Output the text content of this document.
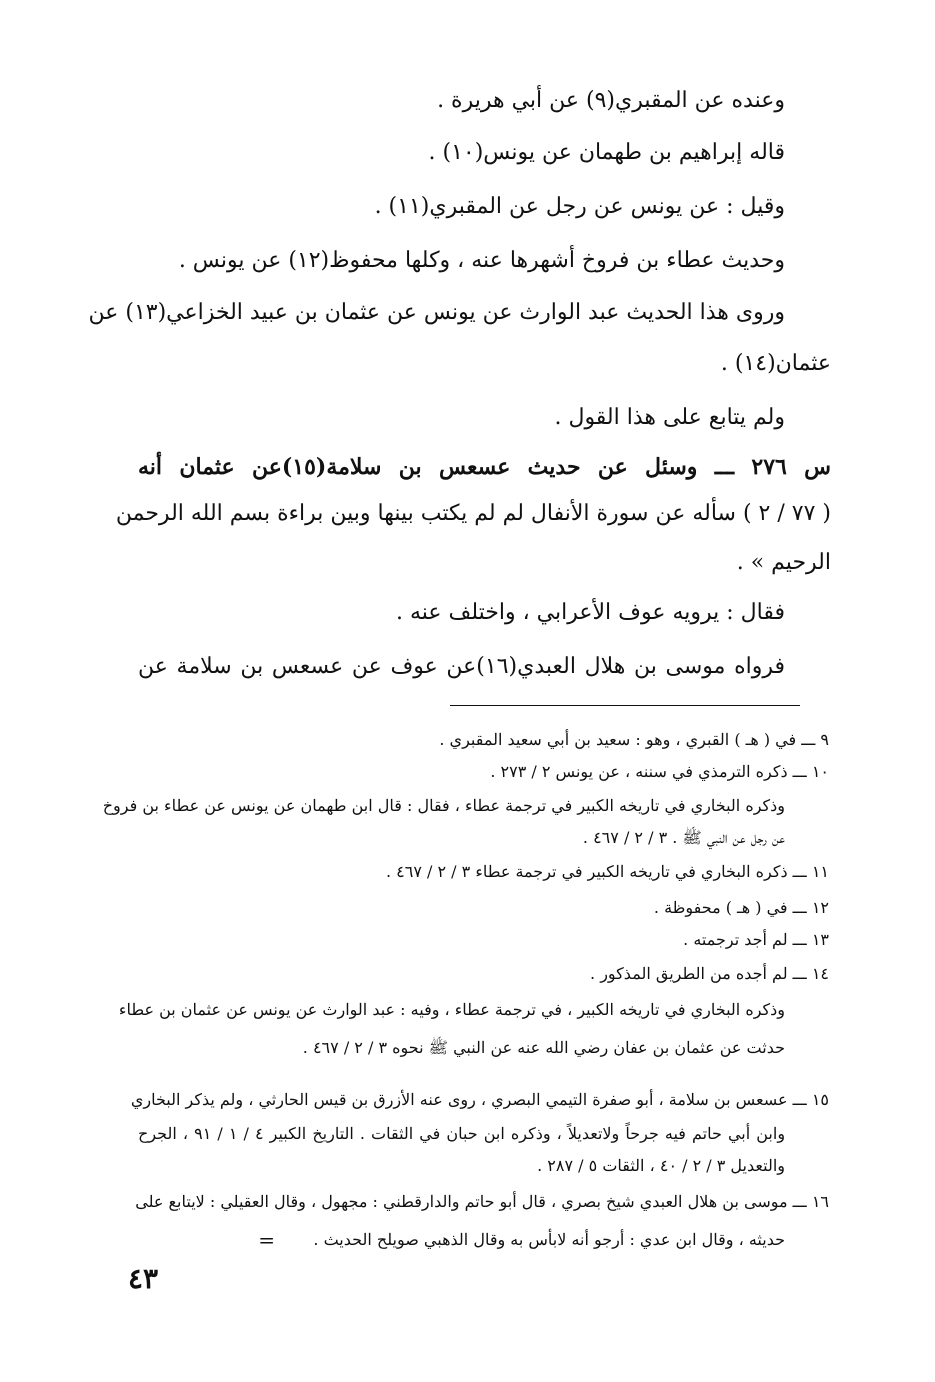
وعنده عن المقبري(٩) عن أبي هريرة .
قاله إبراهيم بن طهمان عن يونس(١٠) .
وقيل : عن يونس عن رجل عن المقبري(١١) .
وحديث عطاء بن فروخ أشهرها عنه ، وكلها محفوظ(١٢) عن يونس .
وروى هذا الحديث عبد الوارث عن يونس عن عثمان بن عبيد الخزاعي(١٣) عن
عثمان(١٤) .
ولم يتابع على هذا القول .
س ٢٧٦ ـــ وسئل عن حديث عسعس بن سلامة(١٥)عن عثمان أنه
( ٧٧ / ٢ ) سأله عن سورة الأنفال لم لم يكتب بينها وبين براءة بسم الله الرحمن
الرحيم » .
فقال : يرويه عوف الأعرابي ، واختلف عنه .
فرواه موسى بن هلال العبدي(١٦)عن عوف عن عسعس بن سلامة عن
٩ ـــ في ( هـ ) القبري ، وهو : سعيد بن أبي سعيد المقبري .
١٠ ـــ ذكره الترمذي في سننه ، عن يونس ٢ / ٢٧٣ .
وذكره البخاري في تاريخه الكبير في ترجمة عطاء ، فقال : قال ابن طهمان عن يونس عن عطاء بن فروخ
عن رجل عن النبي ﷺ . ٣ / ٢ / ٤٦٧ .
١١ ـــ ذكره البخاري في تاريخه الكبير في ترجمة عطاء ٣ / ٢ / ٤٦٧ .
١٢ ـــ في ( هـ ) محفوظة .
١٣ ـــ لم أجد ترجمته .
١٤ ـــ لم أجده من الطريق المذكور .
وذكره البخاري في تاريخه الكبير ، في ترجمة عطاء ، وفيه : عبد الوارث عن يونس عن عثمان بن عطاء
حدثت عن عثمان بن عفان رضي الله عنه عن النبي ﷺ نحوه ٣ / ٢ / ٤٦٧ .
١٥ ـــ عسعس بن سلامة ، أبو صفرة التيمي البصري ، روى عنه الأزرق بن قيس الحارثي ، ولم يذكر البخاري
وابن أبي حاتم فيه جرحاً ولاتعديلاً ، وذكره ابن حبان في الثقات . التاريخ الكبير ٤ / ١ / ٩١ ، الجرح
والتعديل ٣ / ٢ / ٤٠ ، الثقات ٥ / ٢٨٧ .
١٦ ـــ موسى بن هلال العبدي شيخ بصري ، قال أبو حاتم والدارقطني : مجهول ، وقال العقيلي : لايتابع على
حديثه ، وقال ابن عدي : أرجو أنه لابأس به وقال الذهبي صويلح الحديث .
=
٤٣
